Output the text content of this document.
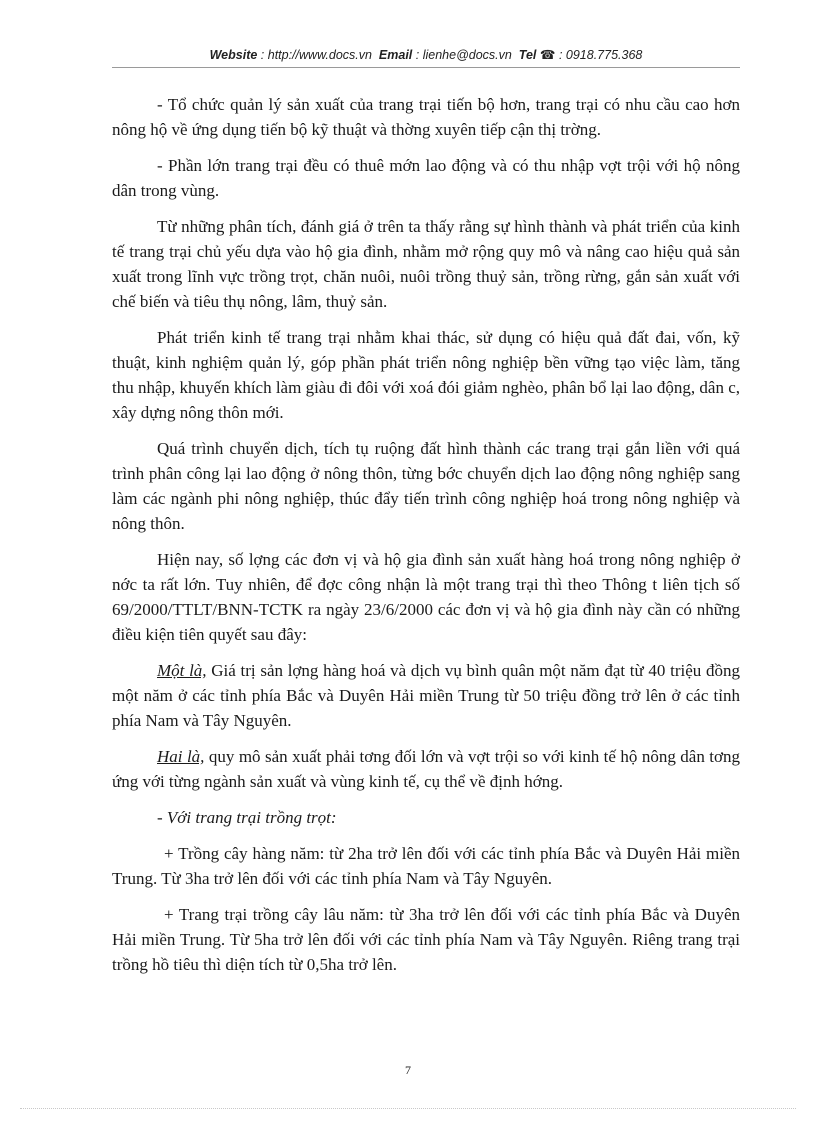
Website : http://www.docs.vn Email : lienhe@docs.vn Tel ☎ : 0918.775.368

- Tổ chức quản lý sản xuất của trang trại tiến bộ hơn, trang trại có nhu cầu cao hơn nông hộ về ứng dụng tiến bộ kỹ thuật và thờng xuyên tiếp cận thị trờng.

- Phần lớn trang trại đều có thuê mớn lao động và có thu nhập vợt trội với hộ nông dân trong vùng.

Từ những phân tích, đánh giá ở trên ta thấy rằng sự hình thành và phát triển của kinh tế trang trại chủ yếu dựa vào hộ gia đình, nhằm mở rộng quy mô và nâng cao hiệu quả sản xuất trong lĩnh vực trồng trọt, chăn nuôi, nuôi trồng thuỷ sản, trồng rừng, gắn sản xuất với chế biến và tiêu thụ nông, lâm, thuỷ sản.

Phát triển kinh tế trang trại nhằm khai thác, sử dụng có hiệu quả đất đai, vốn, kỹ thuật, kinh nghiệm quản lý, góp phần phát triển nông nghiệp bền vững tạo việc làm, tăng thu nhập, khuyến khích làm giàu đi đôi với xoá đói giảm nghèo, phân bổ lại lao động, dân c, xây dựng nông thôn mới.

Quá trình chuyển dịch, tích tụ ruộng đất hình thành các trang trại gắn liền với quá trình phân công lại lao động ở nông thôn, từng bớc chuyển dịch lao động nông nghiệp sang làm các ngành phi nông nghiệp, thúc đẩy tiến trình công nghiệp hoá trong nông nghiệp và nông thôn.

Hiện nay, số lợng các đơn vị và hộ gia đình sản xuất hàng hoá trong nông nghiệp ở nớc ta rất lớn. Tuy nhiên, để đợc công nhận là một trang trại thì theo Thông t liên tịch số 69/2000/TTLT/BNN-TCTK ra ngày 23/6/2000 các đơn vị và hộ gia đình này cần có những điều kiện tiên quyết sau đây:

Một là, Giá trị sản lợng hàng hoá và dịch vụ bình quân một năm đạt từ 40 triệu đồng một năm ở các tỉnh phía Bắc và Duyên Hải miền Trung từ 50 triệu đồng trở lên ở các tỉnh phía Nam và Tây Nguyên.

Hai là, quy mô sản xuất phải tơng đối lớn và vợt trội so với kinh tế hộ nông dân tơng ứng với từng ngành sản xuất và vùng kinh tế, cụ thể về định hớng.

- Với trang trại trồng trọt:

+ Trồng cây hàng năm: từ 2ha trở lên đối với các tỉnh phía Bắc và Duyên Hải miền Trung. Từ 3ha trở lên đối với các tỉnh phía Nam và Tây Nguyên.

+ Trang trại trồng cây lâu năm: từ 3ha trở lên đối với các tỉnh phía Bắc và Duyên Hải miền Trung. Từ 5ha trở lên đối với các tỉnh phía Nam và Tây Nguyên. Riêng trang trại trồng hồ tiêu thì diện tích từ 0,5ha trở lên.

7
